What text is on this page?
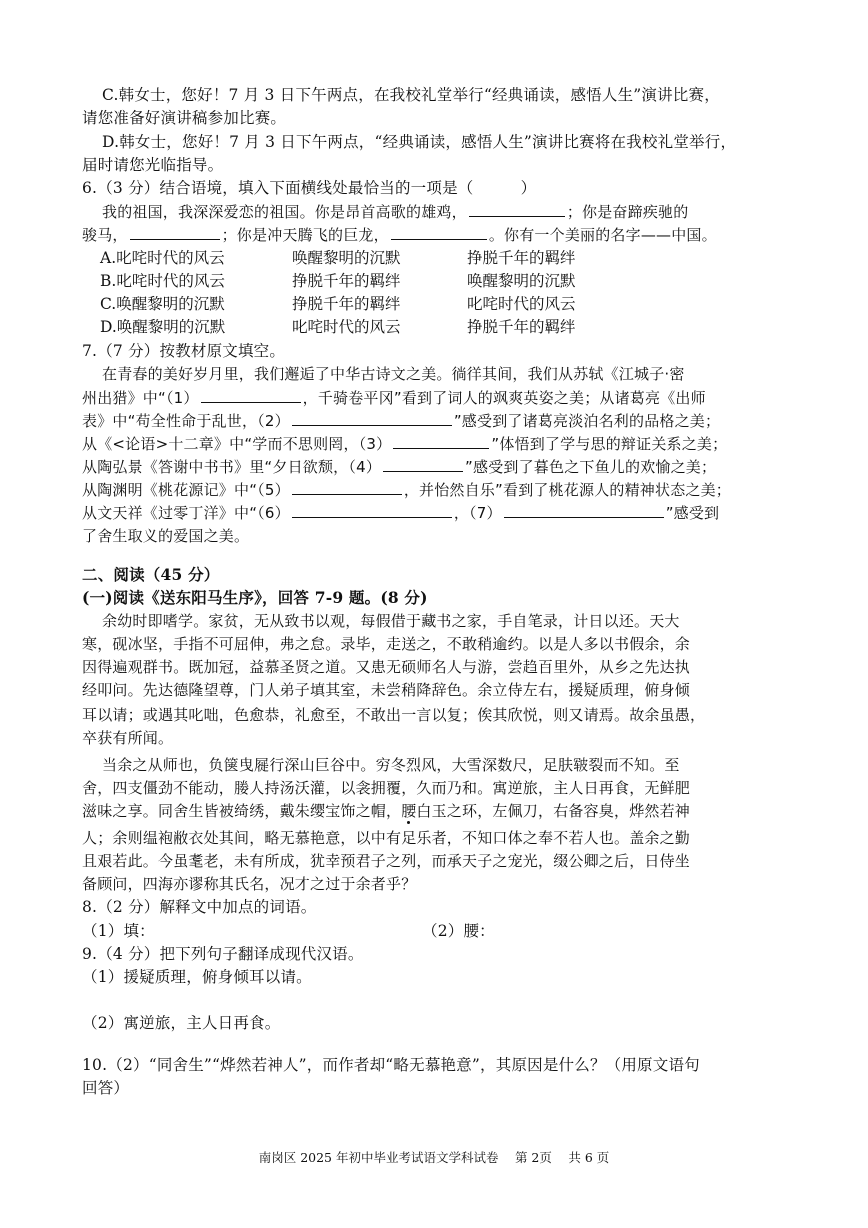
C.韩女士，您好！7 月 3 日下午两点，在我校礼堂举行“经典诵读，感悟人生”演讲比赛，
请您准备好演讲稿参加比赛。
D.韩女士，您好！7 月 3 日下午两点，“经典诵读，感悟人生”演讲比赛将在我校礼堂举行，
届时请您光临指导。
6.（3 分）结合语境，填入下面横线处最恰当的一项是（　　　）
我的祖国，我深深爱恋的祖国。你是昂首高歌的雄鸡，	；你是奋蹄疾驰的
骏马，	；你是冲天腾飞的巨龙，	。你有一个美丽的名字——中国。
A.叱咤时代的风云	唤醒黎明的沉默	挣脱千年的羁绊
B.叱咤时代的风云	挣脱千年的羁绊	唤醒黎明的沉默
C.唤醒黎明的沉默	挣脱千年的羁绊	叱咤时代的风云
D.唤醒黎明的沉默	叱咤时代的风云	挣脱千年的羁绊
7.（7 分）按教材原文填空。
在青春的美好岁月里，我们邂逅了中华古诗文之美。徜徉其间，我们从苏轼《江城子·密
州出猎》中“（1）	，千骑卷平冈”看到了词人的飒爽英姿之美；从诸葛亮《出师
表》中“苟全性命于乱世，（2）	”感受到了诸葛亮淡泊名利的品格之美；
从《<论语>十二章》中“学而不思则罔，（3）	”体悟到了学与思的辩证关系之美；
从陶弘景《答谢中书书》里“夕日欲颓，（4）	”感受到了暮色之下鱼儿的欢愉之美；
从陶渊明《桃花源记》中“（5）	，并怡然自乐”看到了桃花源人的精神状态之美；
从文天祥《过零丁洋》中“（6）	，（7）	”感受到
了舍生取义的爱国之美。
二、阅读（45 分）
(一)阅读《送东阳马生序》，回答 7-9 题。(8 分)
余幼时即嗜学。家贫，无从致书以观，每假借于藏书之家，手自笔录，计日以还。天大
寒，砚冰坚，手指不可屈伸，弗之怠。录毕，走送之，不敢稍逾约。以是人多以书假余，余
因得遍观群书。既加冠，益慕圣贤之道。又患无硕师名人与游，尝趋百里外，从乡之先达执
经叩问。先达德隆望尊，门人弟子填其室，未尝稍降辞色。余立侍左右，援疑质理，俯身倾
耳以请；或遇其叱咄，色愈恭，礼愈至，不敢出一言以复；俟其欣悦，则又请焉。故余虽愚，
卒获有所闻。
当余之从师也，负箧曳屣行深山巨谷中。穷冬烈风，大雪深数尺，足肤皲裂而不知。至
舍，四支僵劲不能动，媵人持汤沃灌，以衾拥覆，久而乃和。寓逆旅，主人日再食，无鲜肥
滋味之享。同舍生皆被绮绣，戴朱缨宝饰之帽，腰白玉之环，左佩刀，右备容臭，烨然若神
人；余则缊袍敝衣处其间，略无慕艳意，以中有足乐者，不知口体之奉不若人也。盖余之勤
且艰若此。今虽耄老，未有所成，犹幸预君子之列，而承天子之宠光，缀公卿之后，日侍坐
备顾问，四海亦谬称其氏名，况才之过于余者乎？
8.（2 分）解释文中加点的词语。
（1）填：	（2）腰：
9.（4 分）把下列句子翻译成现代汉语。
（1）援疑质理，俯身倾耳以请。
（2）寓逆旅，主人日再食。
10.（2）“同舍生”“烨然若神人”，而作者却“略无慕艳意”，其原因是什么？（用原文语句
回答）
南岗区 2025 年初中毕业考试语文学科试卷　 第 2页　 共 6 页
